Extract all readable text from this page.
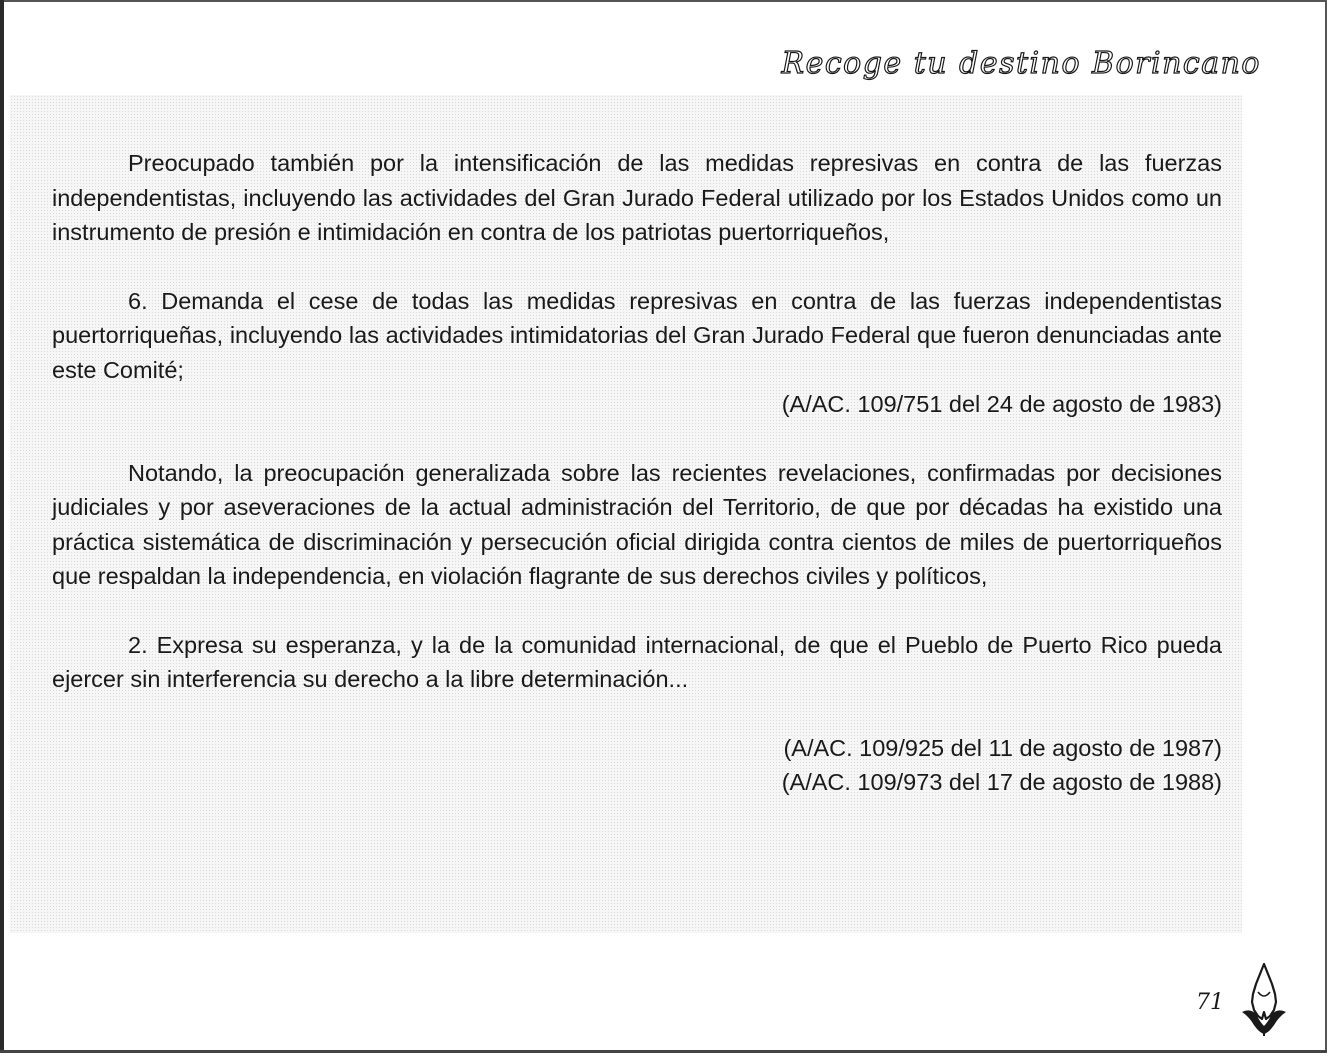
Recoge tu destino Borincano

Preocupado también por la intensificación de las medidas represivas en contra de las fuerzas independentistas, incluyendo las actividades del Gran Jurado Federal utilizado por los Estados Unidos como un instrumento de presión e intimidación en contra de los patriotas puertorriqueños,

6. Demanda el cese de todas las medidas represivas en contra de las fuerzas independentistas puertorriqueñas, incluyendo las actividades intimidatorias del Gran Jurado Federal que fueron denunciadas ante este Comité;

(A/AC. 109/751 del 24 de agosto de 1983)

Notando, la preocupación generalizada sobre las recientes revelaciones, confirmadas por decisiones judiciales y por aseveraciones de la actual administración del Territorio, de que por décadas ha existido una práctica sistemática de discriminación y persecución oficial dirigida contra cientos de miles de puertorriqueños que respaldan la independencia, en violación flagrante de sus derechos civiles y políticos,

2. Expresa su esperanza, y la de la comunidad internacional, de que el Pueblo de Puerto Rico pueda ejercer sin interferencia su derecho a la libre determinación...

(A/AC. 109/925 del 11 de agosto de 1987)

(A/AC. 109/973 del 17 de agosto de 1988)

71
